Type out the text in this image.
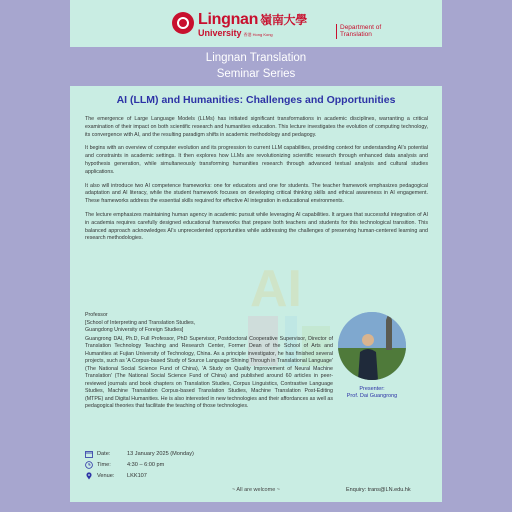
Lingnan 嶺南大學
University 香港 Hong Kong
Department of
Translation
Lingnan Translation
Seminar Series
AI
AI (LLM) and Humanities: Challenges and Opportunities

The emergence of Large Language Models (LLMs) has initiated significant transformations in academic disciplines, warranting a critical examination of their impact on both scientific research and humanities education. This lecture investigates the evolution of computing technology, its convergence with AI, and the resulting paradigm shifts in academic methodology and pedagogy.

It begins with an overview of computer evolution and its progression to current LLM capabilities, providing context for understanding AI's potential and constraints in academic settings. It then explores how LLMs are revolutionizing scientific research through enhanced data analysis and hypothesis generation, while simultaneously transforming humanities research through advanced textual analysis and cultural studies applications.

It also will introduce two AI competence frameworks: one for educators and one for students. The teacher framework emphasizes pedagogical adaptation and AI literacy, while the student framework focuses on developing critical thinking skills and ethical awareness in AI engagement. These frameworks address the essential skills required for effective AI integration in educational environments.

The lecture emphasizes maintaining human agency in academic pursuit while leveraging AI capabilities. It argues that successful integration of AI in academia requires carefully designed educational frameworks that prepare both teachers and students for this technological transition. This balanced approach acknowledges AI's unprecedented opportunities while addressing the challenges of preserving human-centered learning and research methodologies.

Professor
[School of Interpreting and Translation Studies,
Guangdong University of Foreign Studies]
Guangrong DAI, Ph.D, Full Professor, PhD Supervisor, Postdoctoral Cooperative Supervisor, Director of Translation Technology Teaching and Research Center, Former Dean of the School of Arts and Humanities at Fujian University of Technology, China. As a principle investigator, he has finished several projects, such as 'A Corpus-based Study of Source Language Shining Through in Translational Language' (The National Social Science Fund of China), 'A Study on Quality Improvement of Neural Machine Translation' (The National Social Science Fund of China) and published around 60 articles in peer-reviewed journals and book chapters on Translation Studies, Corpus Linguistics, Contrastive Language Studies, Machine Translation Corpus-based Translation Studies, Machine Translation Post-Editing (MTPE) and Digital Humanities. He is also interested in new technologies and their affordances as well as pedagogical theories that facilitate the teaching of those technologies.
Presenter:
Prof. Dai Guangrong
Date:	13 January 2025 (Monday)
Time:	4:30 – 6:00 pm
Venue:	LKK107
~ All are welcome ~	Enquiry: trans@LN.edu.hk
